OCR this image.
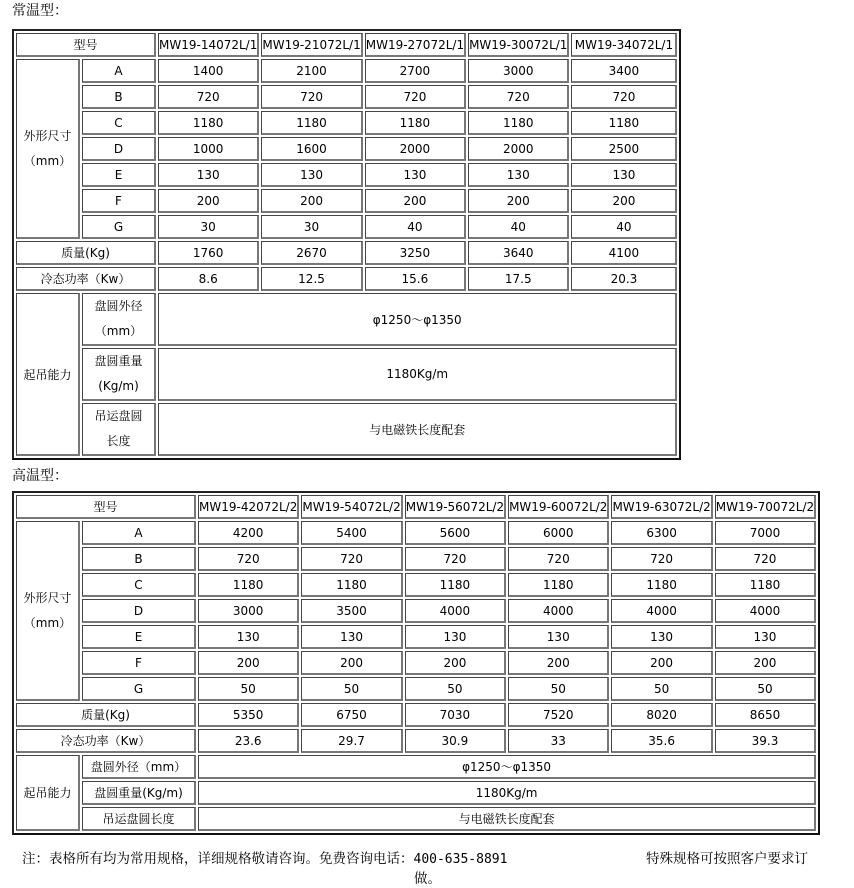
常温型：
型号		MW19-14072L/1	MW19-21072L/1	MW19-27072L/1	MW19-30072L/1	MW19-34072L/1
外形尺寸（mm）	A	1400	2100	2700	3000	3400
	B	720	720	720	720	720
	C	1180	1180	1180	1180	1180
	D	1000	1600	2000	2000	2500
	E	130	130	130	130	130
	F	200	200	200	200	200
	G	30	30	40	40	40
质量(Kg)		1760	2670	3250	3640	4100
冷态功率（Kw）		8.6	12.5	15.6	17.5	20.3
起吊能力	盘圆外径（mm）	φ1250～φ1350				
	盘圆重量(Kg/m)	1180Kg/m				
	吊运盘圆长度	与电磁铁长度配套				
高温型：
型号		MW19-42072L/2	MW19-54072L/2	MW19-56072L/2	MW19-60072L/2	MW19-63072L/2	MW19-70072L/2
外形尺寸（mm）	A	4200	5400	5600	6000	6300	7000
	B	720	720	720	720	720	720
	C	1180	1180	1180	1180	1180	1180
	D	3000	3500	4000	4000	4000	4000
	E	130	130	130	130	130	130
	F	200	200	200	200	200	200
	G	50	50	50	50	50	50
质量(Kg)		5350	6750	7030	7520	8020	8650
冷态功率（Kw）		23.6	29.7	30.9	33	35.6	39.3
起吊能力	盘圆外径（mm）	φ1250～φ1350					
	盘圆重量(Kg/m)	1180Kg/m					
	吊运盘圆长度	与电磁铁长度配套					
注：表格所有均为常用规格，详细规格敬请咨询。免费咨询电话：400-635-8891	特殊规格可按照客户要求订
做。
